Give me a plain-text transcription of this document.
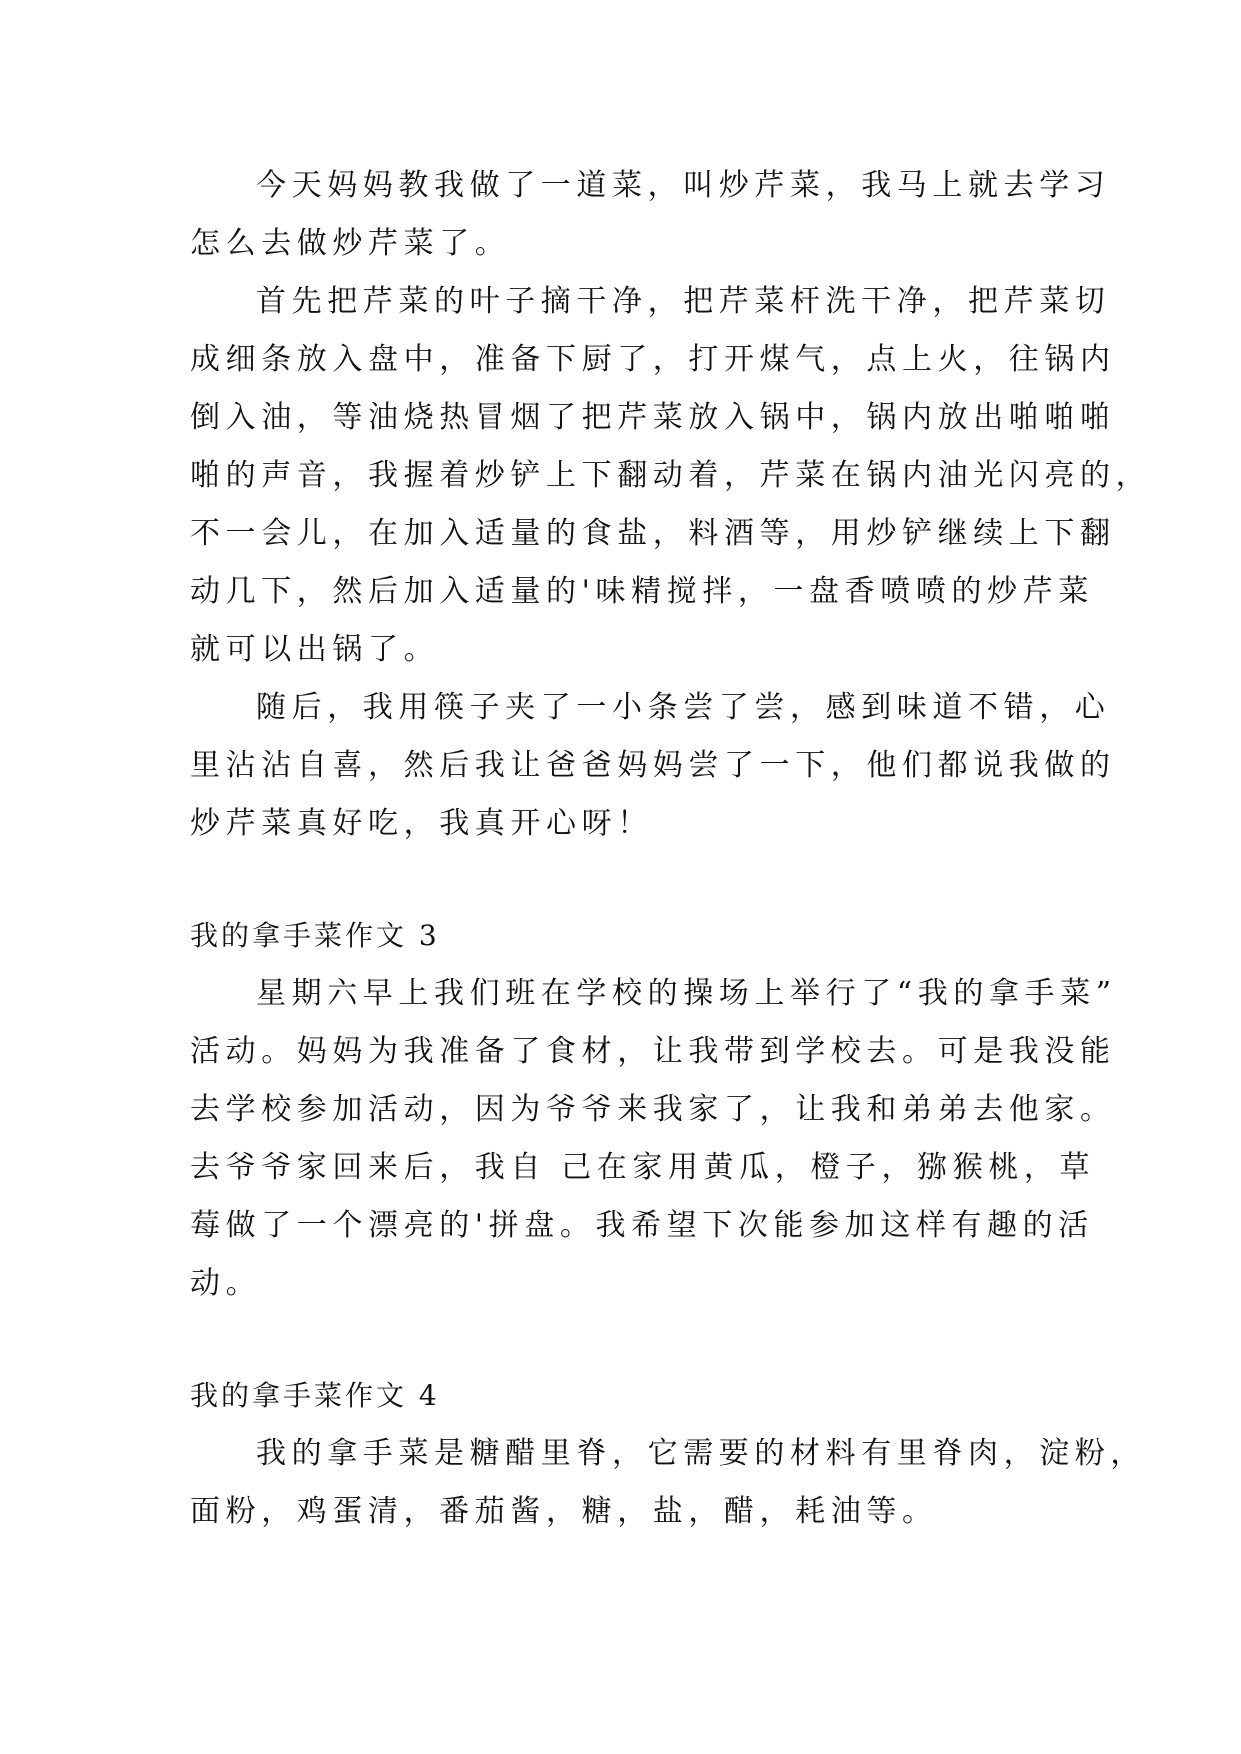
今天妈妈教我做了一道菜，叫炒芹菜，我马上就去学习
怎么去做炒芹菜了。
首先把芹菜的叶子摘干净，把芹菜杆洗干净，把芹菜切
成细条放入盘中，准备下厨了，打开煤气，点上火，往锅内
倒入油，等油烧热冒烟了把芹菜放入锅中，锅内放出啪啪啪
啪的声音，我握着炒铲上下翻动着，芹菜在锅内油光闪亮的，
不一会儿，在加入适量的食盐，料酒等，用炒铲继续上下翻
动几下，然后加入适量的'味精搅拌，一盘香喷喷的炒芹菜
就可以出锅了。
随后，我用筷子夹了一小条尝了尝，感到味道不错，心
里沾沾自喜，然后我让爸爸妈妈尝了一下，他们都说我做的
炒芹菜真好吃，我真开心呀！
我的拿手菜作文 3
星期六早上我们班在学校的操场上举行了“我的拿手菜”
活动。妈妈为我准备了食材，让我带到学校去。可是我没能
去学校参加活动，因为爷爷来我家了，让我和弟弟去他家。
去爷爷家回来后，我自 己在家用黄瓜，橙子，猕猴桃，草
莓做了一个漂亮的'拼盘。我希望下次能参加这样有趣的活
动。
我的拿手菜作文 4
我的拿手菜是糖醋里脊，它需要的材料有里脊肉，淀粉，
面粉，鸡蛋清，番茄酱，糖，盐，醋，耗油等。
